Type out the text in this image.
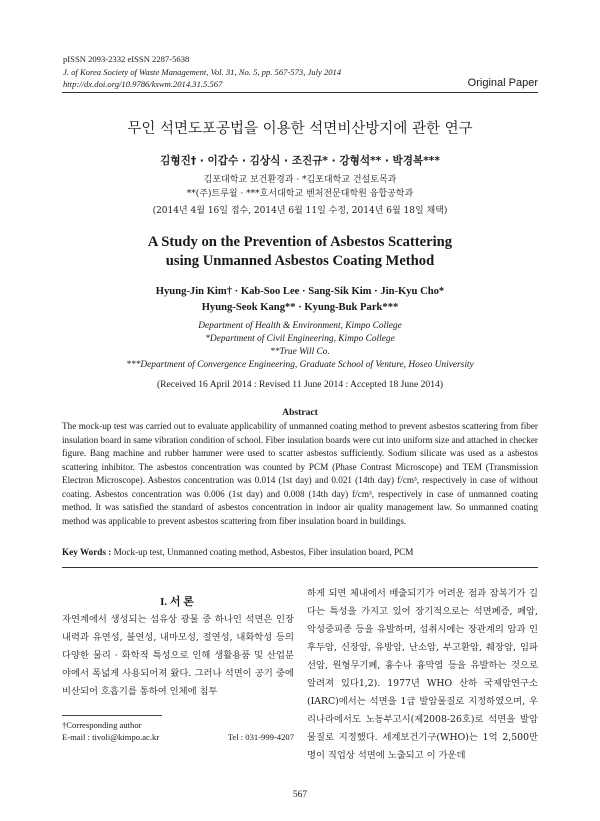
pISSN 2093-2332 eISSN 2287-5638
J. of Korea Society of Waste Management, Vol. 31, No. 5, pp. 567-573, July 2014
http://dx.doi.org/10.9786/kswm.2014.31.5.567	Original Paper
무인 석면도포공법을 이용한 석면비산방지에 관한 연구
김형진† · 이갑수 · 김상식 · 조진규* · 강형석** · 박경복***
김포대학교 보건환경과 · *김포대학교 건설토목과
**(주)트루윌 · ***호서대학교 벤처전문대학원 융합공학과
(2014년 4월 16일 접수, 2014년 6월 11일 수정, 2014년 6월 18일 채택)
A Study on the Prevention of Asbestos Scattering
using Unmanned Asbestos Coating Method
Hyung-Jin Kim† · Kab-Soo Lee · Sang-Sik Kim · Jin-Kyu Cho*
Hyung-Seok Kang** · Kyung-Buk Park***
Department of Health & Environment, Kimpo College
*Department of Civil Engineering, Kimpo College
**True Will Co.
***Department of Convergence Engineering, Graduate School of Venture, Hoseo University
(Received 16 April 2014 : Revised 11 June 2014 : Accepted 18 June 2014)
Abstract
The mock-up test was carried out to evaluate applicability of unmanned coating method to prevent asbestos scattering from fiber insulation board in same vibration condition of school. Fiber insulation boards were cut into uniform size and attached in checker figure. Bang machine and rubber hammer were used to scatter asbestos sufficiently. Sodium silicate was used as a asbestos scattering inhibitor. The asbestos concentration was counted by PCM (Phase Contrast Microscope) and TEM (Transmission Electron Microscope). Asbestos concentration was 0.014 (1st day) and 0.021 (14th day) f/cm³, respectively in case of without coating. Asbestos concentration was 0.006 (1st day) and 0.008 (14th day) f/cm³, respectively in case of unmanned coating method. It was satisfied the standard of asbestos concentration in indoor air quality management law. So unmanned coating method was applicable to prevent asbestos scattering from fiber insulation board in buildings.
Key Words : Mock-up test, Unmanned coating method, Asbestos, Fiber insulation board, PCM
I. 서 론
자연계에서 생성되는 섬유상 광물 중 하나인 석면은 인장내력과 유연성, 불연성, 내마모성, 절연성, 내화학성 등의 다양한 물리 · 화학적 특성으로 인해 생활용품 및 산업분야에서 폭넓게 사용되어져 왔다. 그러나 석면이 공기 중에 비산되어 호흡기를 통하여 인체에 침투
하게 되면 체내에서 배출되기가 어려운 점과 잠복기가 길다는 특성을 가지고 있어 장기적으로는 석면폐증, 폐암, 악성중피종 등을 유발하며, 섭취시에는 장관계의 암과 인후두암, 신장암, 유방암, 난소암, 부고환암, 췌장암, 임파선암, 원형무기폐, 흉수나 흉막염 등을 유발하는 것으로 알려져 있다1,2). 1977년 WHO 산하 국제암연구소(IARC)에서는 석면을 1급 발암물질로 지정하였으며, 우리나라에서도 노동부고시(제2008-26호)로 석면을 발암물질로 지정했다. 세계보건기구(WHO)는 1억 2,500만 명이 직업상 석면에 노출되고 이 가운데
†Corresponding author
E-mail : tivoli@kimpo.ac.kr	Tel : 031-999-4207
567
